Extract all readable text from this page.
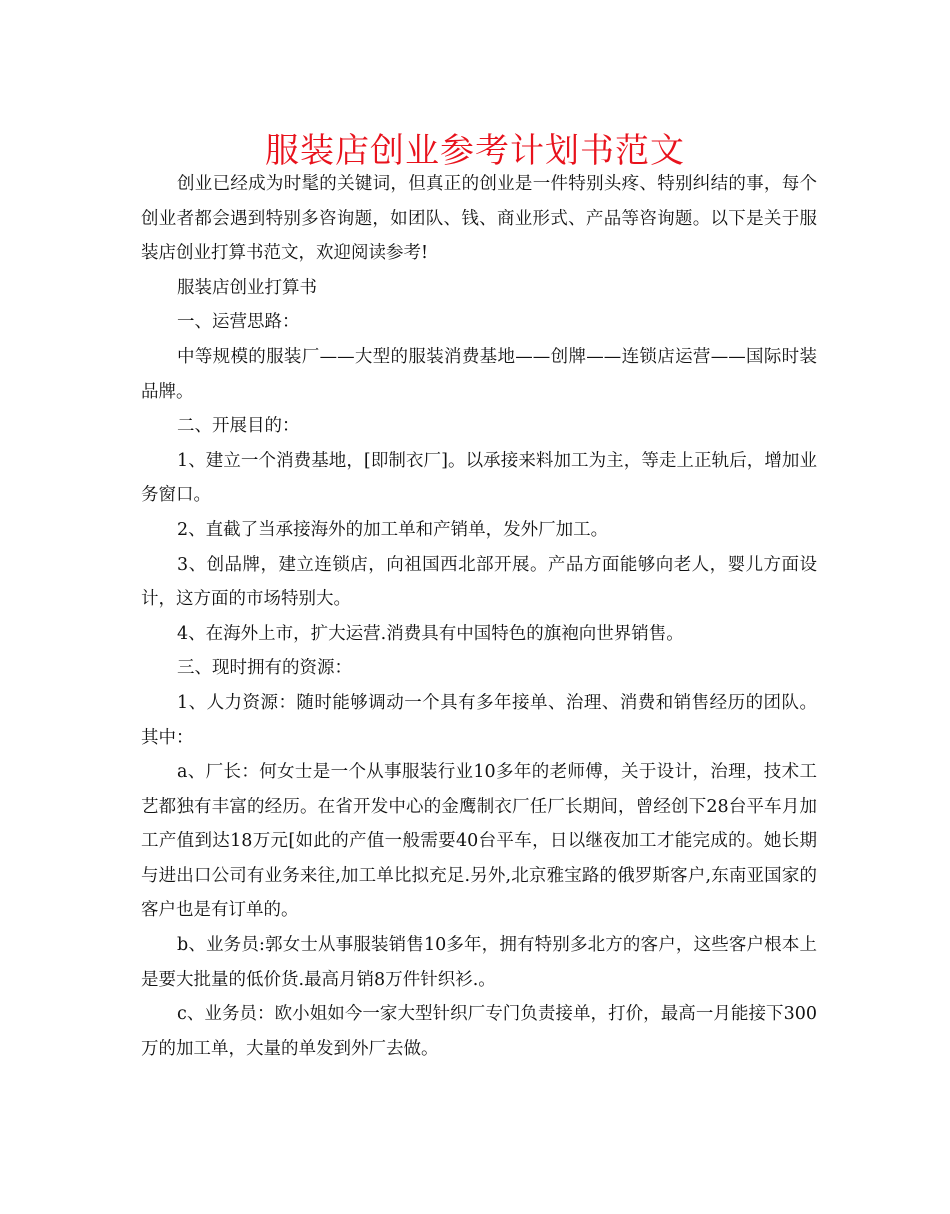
服装店创业参考计划书范文

创业已经成为时髦的关键词，但真正的创业是一件特别头疼、特别纠结的事，每个创业者都会遇到特别多咨询题，如团队、钱、商业形式、产品等咨询题。以下是关于服装店创业打算书范文，欢迎阅读参考!

服装店创业打算书

一、运营思路：

中等规模的服装厂——大型的服装消费基地——创牌——连锁店运营——国际时装品牌。

二、开展目的：

1、建立一个消费基地，[即制衣厂]。以承接来料加工为主，等走上正轨后，增加业务窗口。

2、直截了当承接海外的加工单和产销单，发外厂加工。

3、创品牌，建立连锁店，向祖国西北部开展。产品方面能够向老人，婴儿方面设计，这方面的市场特别大。

4、在海外上市，扩大运营.消费具有中国特色的旗袍向世界销售。

三、现时拥有的资源：

1、人力资源：随时能够调动一个具有多年接单、治理、消费和销售经历的团队。其中：

a、厂长：何女士是一个从事服装行业10多年的老师傅，关于设计，治理，技术工艺都独有丰富的经历。在省开发中心的金鹰制衣厂任厂长期间，曾经创下28台平车月加工产值到达18万元[如此的产值一般需要40台平车，日以继夜加工才能完成的。她长期与进出口公司有业务来往,加工单比拟充足.另外,北京雅宝路的俄罗斯客户,东南亚国家的客户也是有订单的。

b、业务员:郭女士从事服装销售10多年，拥有特别多北方的客户，这些客户根本上是要大批量的低价货.最高月销8万件针织衫.。

c、业务员：欧小姐如今一家大型针织厂专门负责接单，打价，最高一月能接下300万的加工单，大量的单发到外厂去做。
